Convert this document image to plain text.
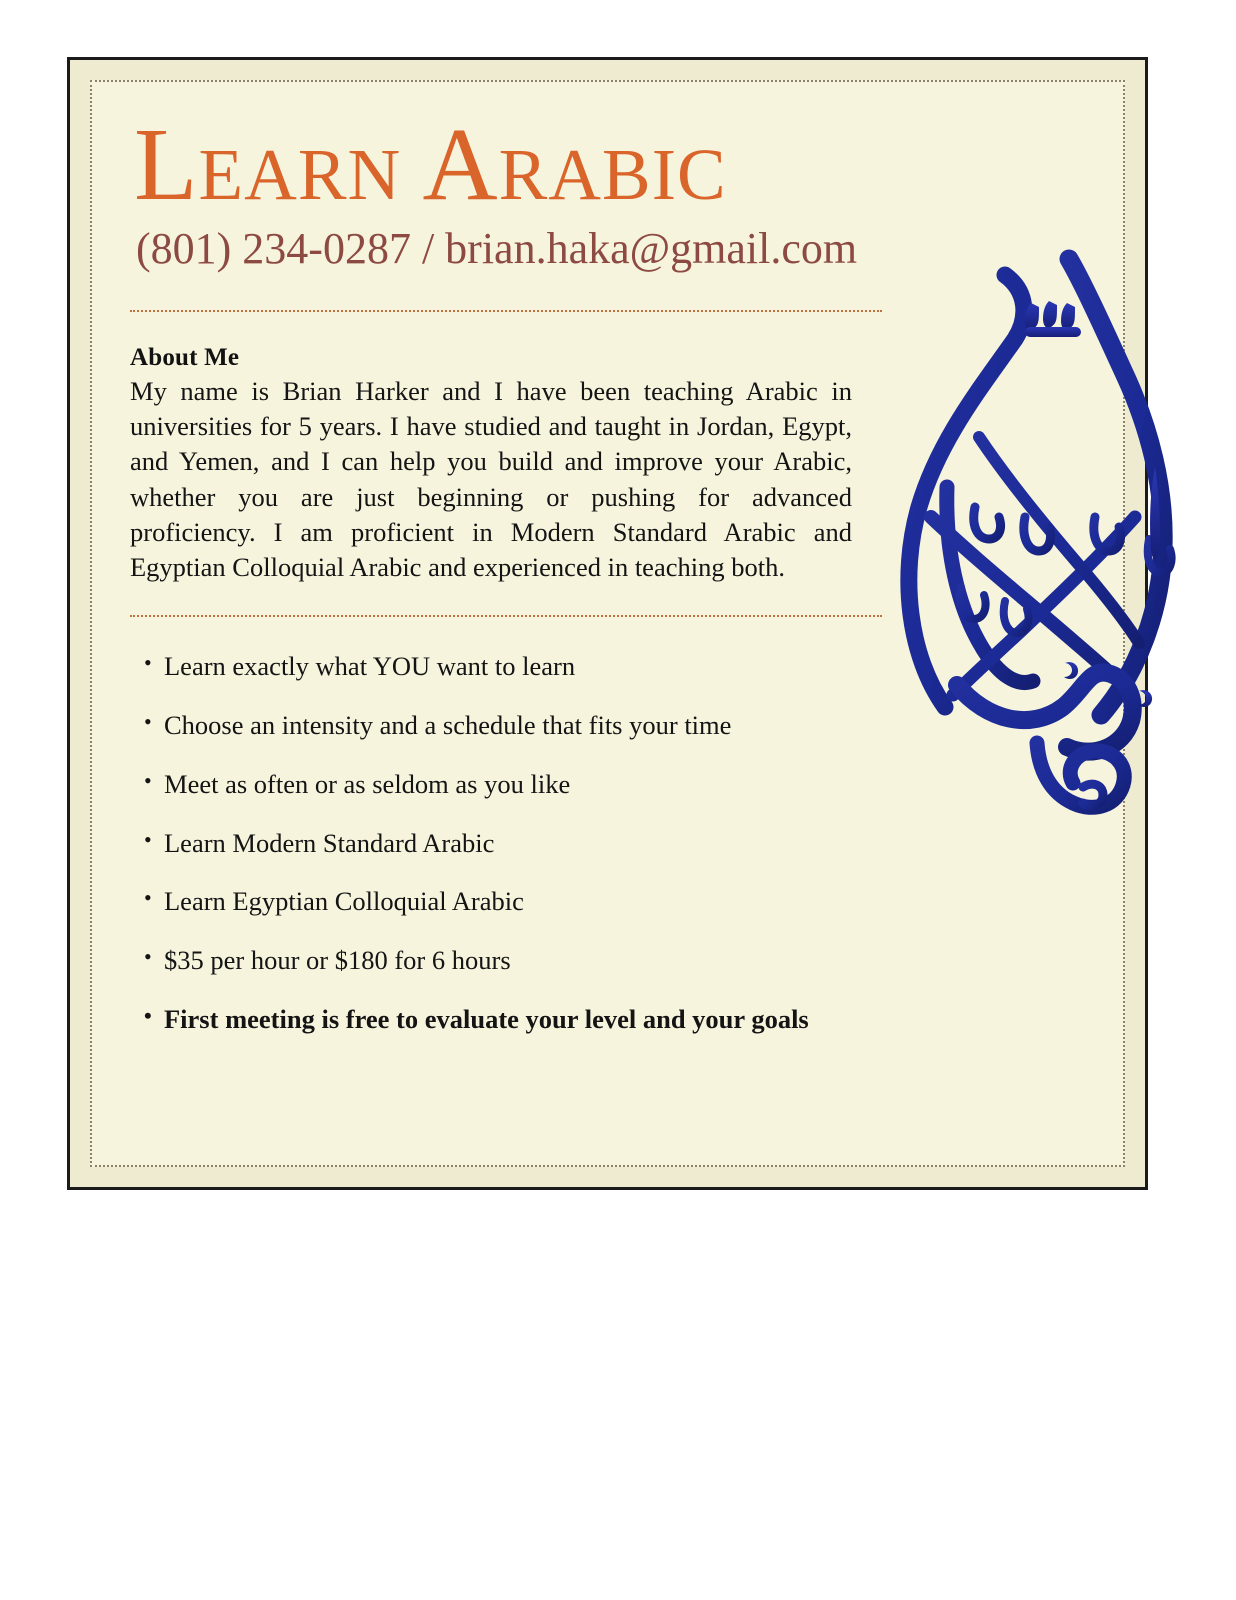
Learn Arabic
(801) 234-0287 / brian.haka@gmail.com
About Me

My name is Brian Harker and I have been teaching Arabic in universities for 5 years. I have studied and taught in Jordan, Egypt, and Yemen, and I can help you build and improve your Arabic, whether you are just beginning or pushing for advanced proficiency. I am proficient in Modern Standard Arabic and Egyptian Colloquial Arabic and experienced in teaching both.

• Learn exactly what YOU want to learn
• Choose an intensity and a schedule that fits your time
• Meet as often or as seldom as you like
• Learn Modern Standard Arabic
• Learn Egyptian Colloquial Arabic
• $35 per hour or $180 for 6 hours
• First meeting is free to evaluate your level and your goals
